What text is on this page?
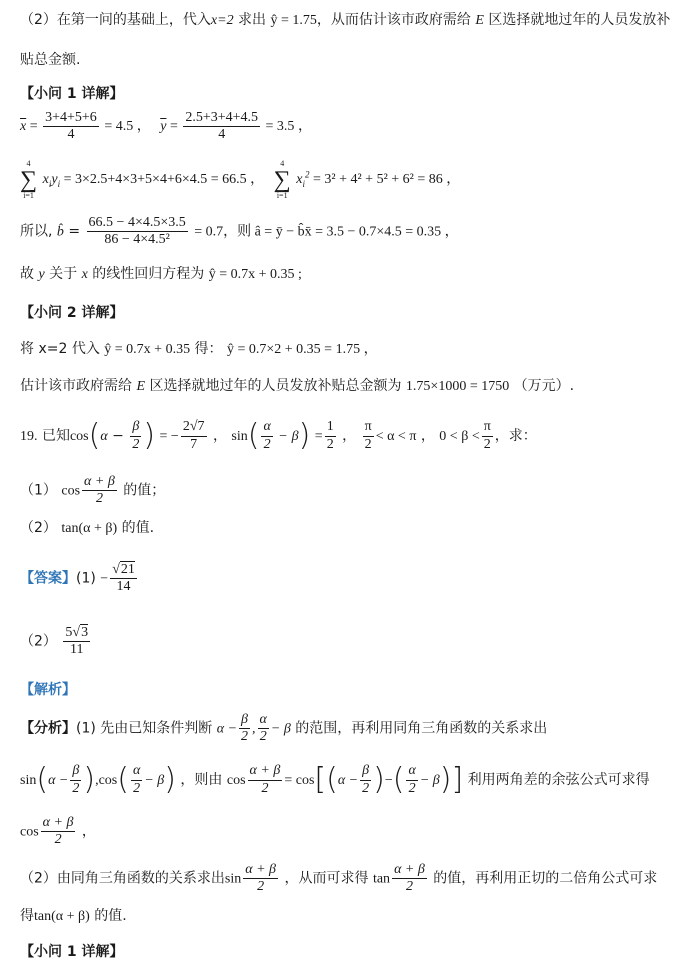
（2）在第一问的基础上，代入x=2 求出 ŷ = 1.75，从而估计该市政府需给 E 区选择就地过年的人员发放补
贴总金额.
【小问 1 详解】
$\overline{x} = \frac{3+4+5+6}{4} = 4.5$ ， $\overline{y} = \frac{2.5+3+4+4.5}{4} = 3.5$ ，
4
∑
i=1
$x_iy_i = 3\times 2.5+4\times 3+5\times 4+6\times 4.5 = 66.5$ ，
4
∑
i=1
$x_i^2 = 3^2 + 4^2 + 5^2 + 6^2 = 86$ ，
所以, b̂ = $\frac{66.5 - 4\times 4.5\times 3.5}{\text{86 − 4×4.5²}} = 0.7$，则 â = ȳ − b̂x̄ = 3.5 − 0.7×4.5 = 0.35 ，
故 y 关于 x 的线性回归方程为 ŷ = 0.7x + 0.35 ;
【小问 2 详解】
将 x=2 代入 ŷ = 0.7x + 0.35 得： ŷ = 0.7×2 + 0.35 = 1.75 ，
估计该市政府需给 E 区选择就地过年的人员发放补贴总金额为 1.75×1000 = 1750 （万元）.
19. 已知$\cos(\alpha - \frac{\beta}{2}$ ) = − $\frac{2√7}{7}$ ， $\sin( \frac{\alpha}{2} - \beta) = \frac{1}{2}$ ， $\frac{\pi}{2} < \alpha < \pi$ ， $0 < \beta < \frac{\pi}{2}$ ，求：
（1） $\cos \frac{\alpha + \beta}{2}$ 的值；
（2） tan(α + β) 的值.
【答案】$(1) - \frac{√21}{14}$
$(2) \frac{5√3}{11}$
【解析】
【分析】(1) 先由已知条件判断 $\alpha - \frac{\beta}{2}$ , $\frac{\alpha}{2} - \beta$ 的范围，再利用同角三角函数的关系求出
$\sin(\alpha - \frac{\beta}{2} ),\cos( \frac{\alpha}{2} - \beta)$ ，则由 $\cos \frac{\alpha + \beta}{2} = \cos[(\alpha - \frac{\beta}{2}$ )−( $\frac{\alpha}{2} - \beta$)] 利用两角差的余弦公式可求得
$\cos \frac{\alpha + \beta}{2}$ ，
（2）由同角三角函数的关系求出$\sin \frac{\alpha + \beta}{2}$ ，从而可求得 $\tan \frac{\alpha + \beta}{2}$ 的值，再利用正切的二倍角公式可求
得tan(α + β) 的值.
【小问 1 详解】
